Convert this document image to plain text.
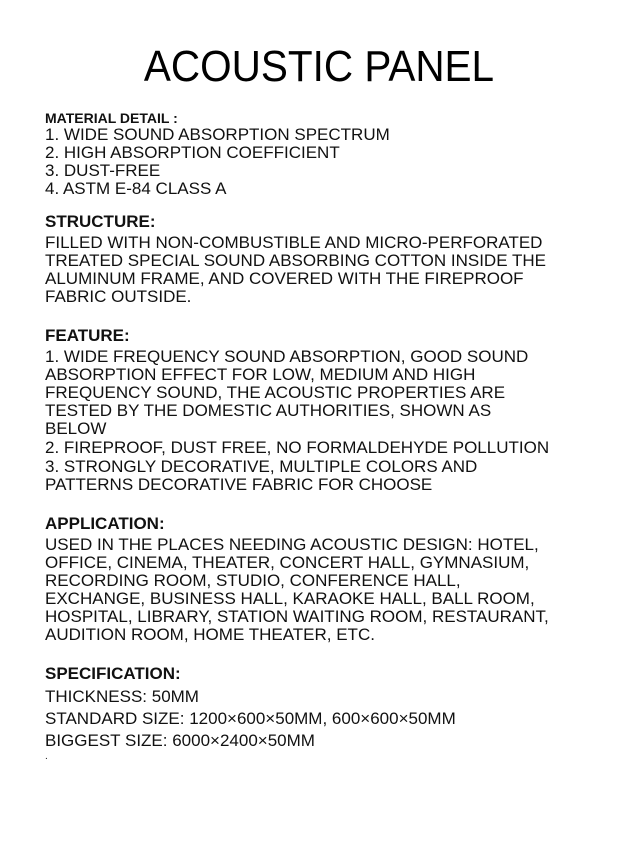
ACOUSTIC PANEL
MATERIAL DETAIL :
1. WIDE SOUND ABSORPTION SPECTRUM
2. HIGH ABSORPTION COEFFICIENT
3. DUST-FREE
4. ASTM E-84 CLASS A
STRUCTURE:
FILLED WITH NON-COMBUSTIBLE AND MICRO-PERFORATED
TREATED SPECIAL SOUND ABSORBING COTTON INSIDE THE
ALUMINUM FRAME, AND COVERED WITH THE FIREPROOF
FABRIC OUTSIDE.
FEATURE:
1. WIDE FREQUENCY SOUND ABSORPTION, GOOD SOUND
ABSORPTION EFFECT FOR LOW, MEDIUM AND HIGH
FREQUENCY SOUND, THE ACOUSTIC PROPERTIES ARE
TESTED BY THE DOMESTIC AUTHORITIES, SHOWN AS
BELOW
2. FIREPROOF, DUST FREE, NO FORMALDEHYDE POLLUTION
3. STRONGLY DECORATIVE, MULTIPLE COLORS AND
PATTERNS DECORATIVE FABRIC FOR CHOOSE
APPLICATION:
USED IN THE PLACES NEEDING ACOUSTIC DESIGN: HOTEL,
OFFICE, CINEMA, THEATER, CONCERT HALL, GYMNASIUM,
RECORDING ROOM, STUDIO, CONFERENCE HALL,
EXCHANGE, BUSINESS HALL, KARAOKE HALL, BALL ROOM,
HOSPITAL, LIBRARY, STATION WAITING ROOM, RESTAURANT,
AUDITION ROOM, HOME THEATER, ETC.
SPECIFICATION:
THICKNESS: 50MM
STANDARD SIZE: 1200×600×50MM, 600×600×50MM
BIGGEST SIZE: 6000×2400×50MM
.
